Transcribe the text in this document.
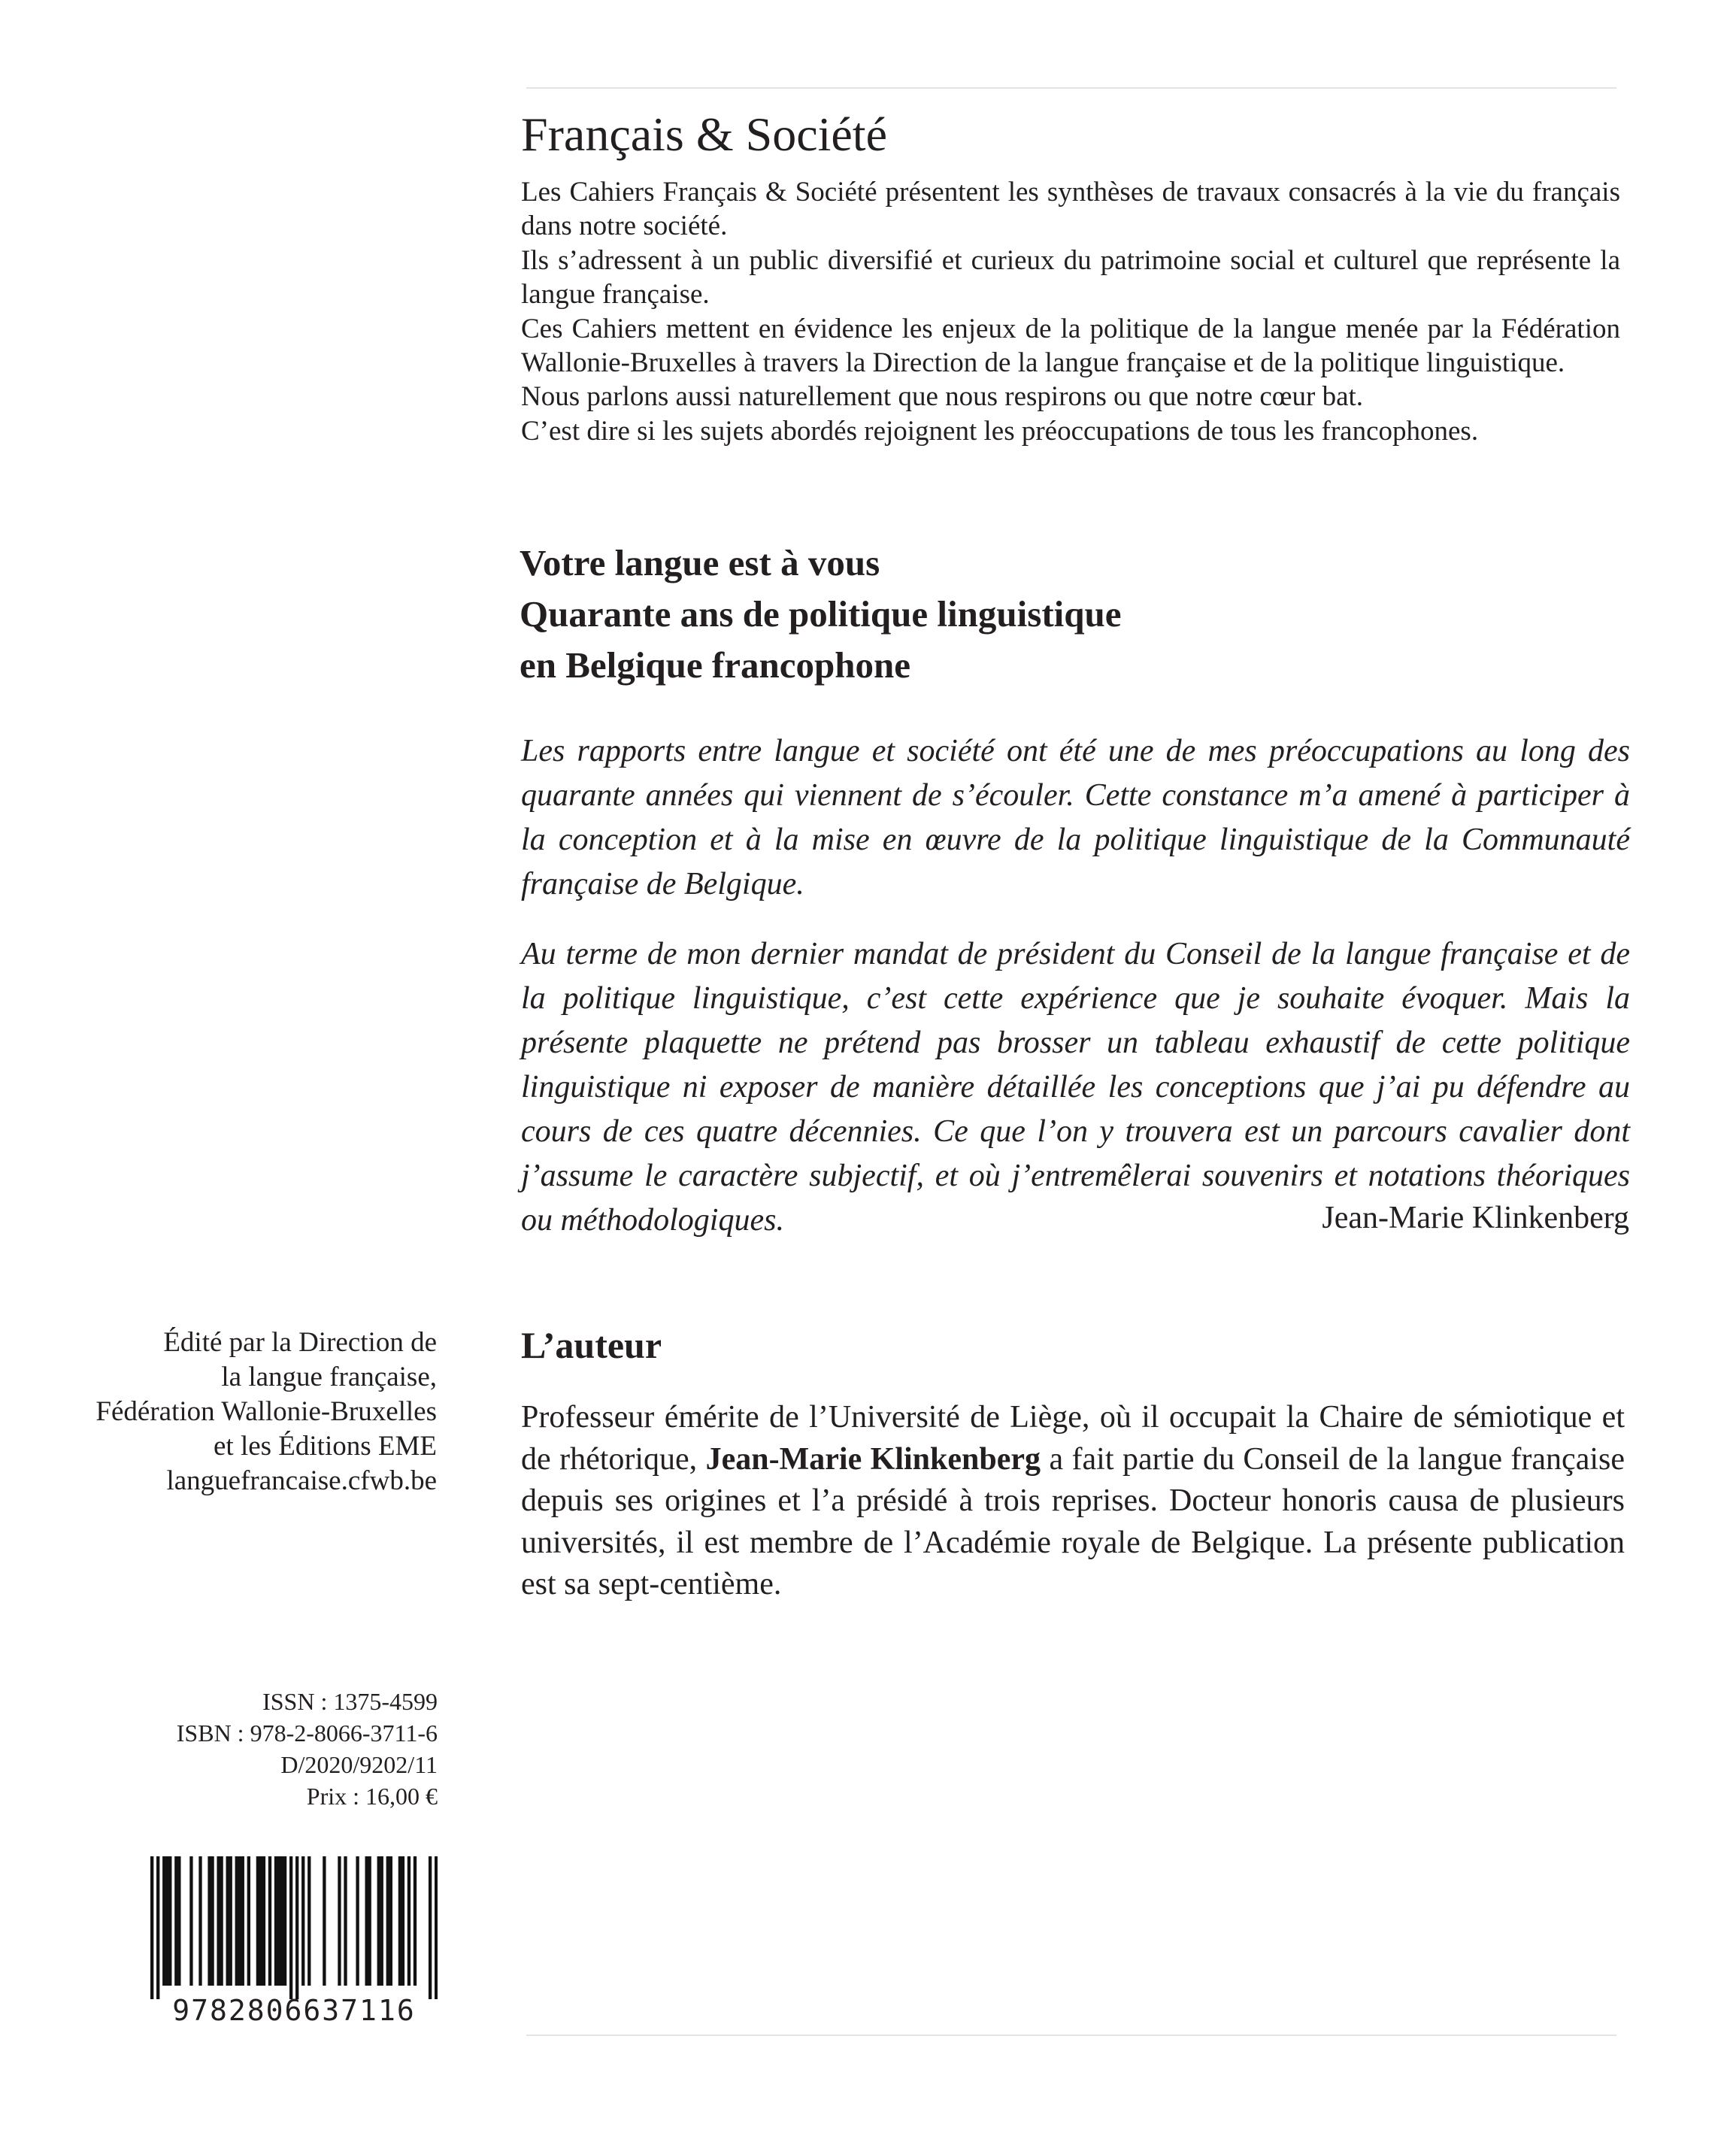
Français & Société

Les Cahiers Français & Société présentent les synthèses de travaux consacrés à la vie du français dans notre société.

Ils s’adressent à un public diversifié et curieux du patrimoine social et culturel que représente la langue française.

Ces Cahiers mettent en évidence les enjeux de la politique de la langue menée par la Fédération Wallonie-Bruxelles à travers la Direction de la langue française et de la politique linguistique.

Nous parlons aussi naturellement que nous respirons ou que notre cœur bat.

C’est dire si les sujets abordés rejoignent les préoccupations de tous les francophones.

Votre langue est à vous
Quarante ans de politique linguistique
en Belgique francophone

Les rapports entre langue et société ont été une de mes préoccupations au long des quarante années qui viennent de s’écouler. Cette constance m’a amené à participer à la conception et à la mise en œuvre de la politique linguistique de la Communauté française de Belgique.

Au terme de mon dernier mandat de président du Conseil de la langue française et de la politique linguistique, c’est cette expérience que je souhaite évoquer. Mais la présente plaquette ne prétend pas brosser un tableau exhaustif de cette politique linguistique ni exposer de manière détaillée les conceptions que j’ai pu défendre au cours de ces quatre décennies. Ce que l’on y trouvera est un parcours cavalier dont j’assume le caractère subjectif, et où j’entremêlerai souvenirs et notations théoriques ou méthodologiques.	Jean-Marie Klinkenberg
L’auteur

Professeur émérite de l’Université de Liège, où il occupait la Chaire de sémiotique et de rhétorique, Jean-Marie Klinkenberg a fait partie du Conseil de la langue française depuis ses origines et l’a présidé à trois reprises. Docteur honoris causa de plusieurs universités, il est membre de l’Académie royale de Belgique. La présente publication est sa sept-centième.

Édité par la Direction de
la langue française,
Fédération Wallonie-Bruxelles
et les Éditions EME
languefrancaise.cfwb.be
ISSN : 1375-4599
ISBN : 978-2-8066-3711-6
D/2020/9202/11
Prix : 16,00 €
9782806637116
